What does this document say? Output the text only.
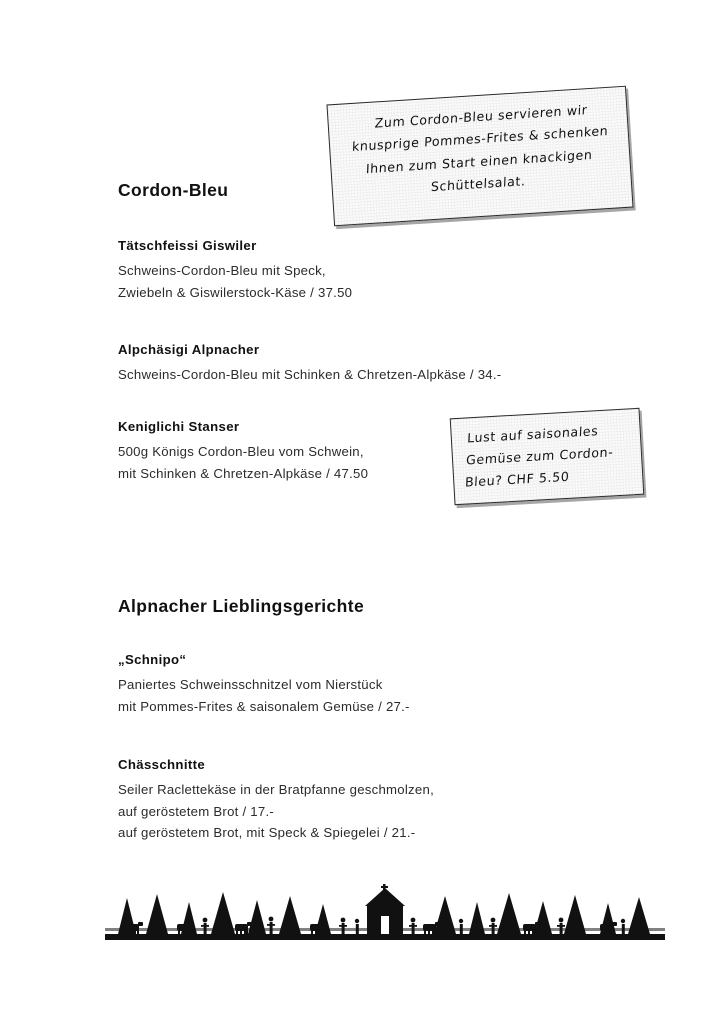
Cordon-Bleu
Zum Cordon-Bleu servieren wir knusprige Pommes-Frites & schenken Ihnen zum Start einen knackigen Schüttelsalat.
Tätschfeissi Giswiler
Schweins-Cordon-Bleu mit Speck,
Zwiebeln & Giswilerstock-Käse / 37.50
Alpchäsigi Alpnacher
Schweins-Cordon-Bleu mit Schinken & Chretzen-Alpkäse / 34.-
Keniglichi Stanser
500g Königs Cordon-Bleu vom Schwein,
mit Schinken & Chretzen-Alpkäse / 47.50
Lust auf saisonales Gemüse zum Cordon-Bleu? CHF 5.50
Alpnacher Lieblingsgerichte
„Schnipo“
Paniertes Schweinsschnitzel vom Nierstück
mit Pommes-Frites & saisonalem Gemüse / 27.-
Chässchnitte
Seiler Raclettekäse in der Bratpfanne geschmolzen,
auf geröstetem Brot / 17.-
auf geröstetem Brot, mit Speck & Spiegelei / 21.-
